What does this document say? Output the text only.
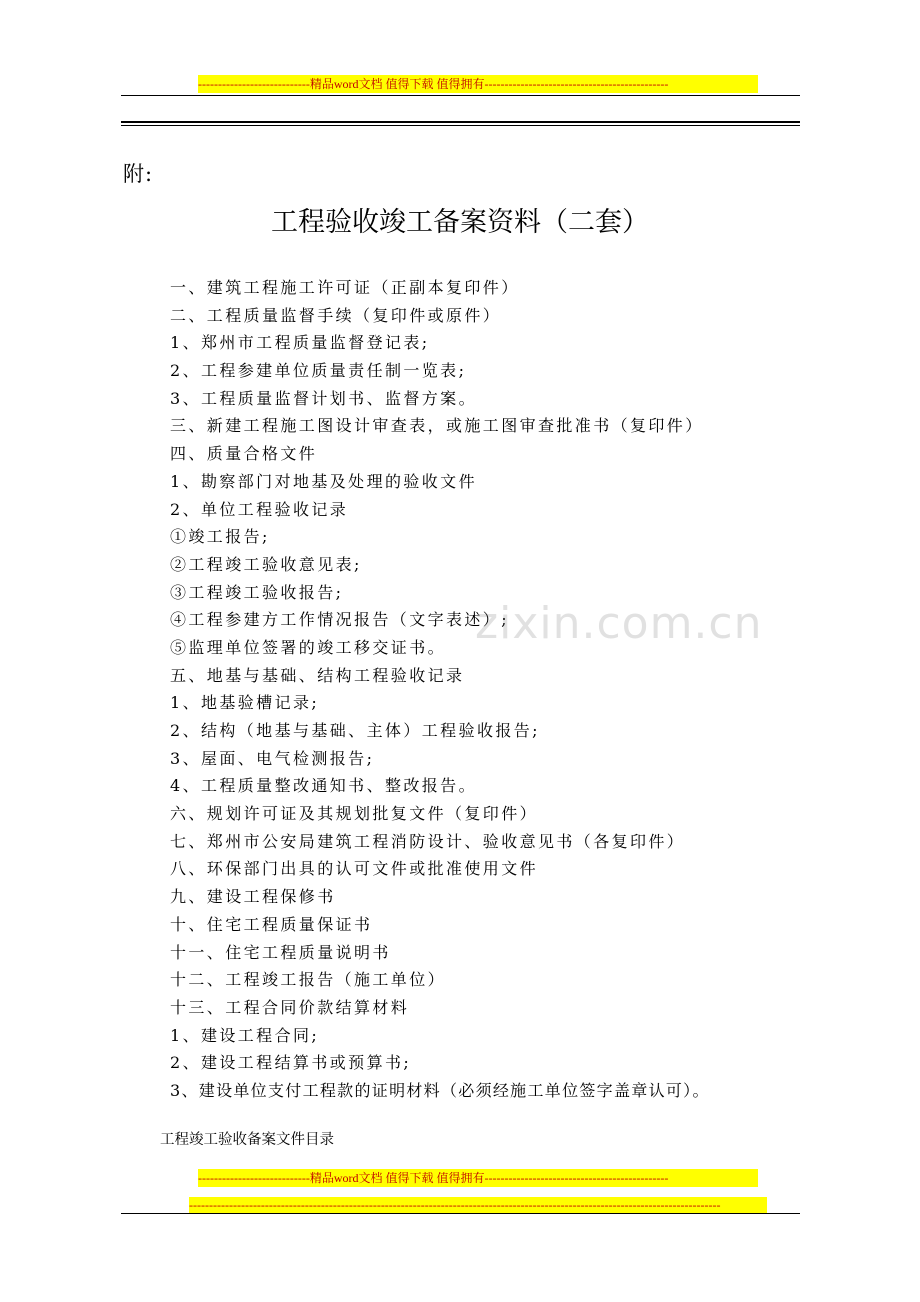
----------------------------精品word文档 值得下载 值得拥有----------------------------------------------
附:
工程验收竣工备案资料（二套）
一、建筑工程施工许可证（正副本复印件）
二、工程质量监督手续（复印件或原件）
1、郑州市工程质量监督登记表;
2、工程参建单位质量责任制一览表;
3、工程质量监督计划书、监督方案。
三、新建工程施工图设计审查表，或施工图审查批准书（复印件）
四、质量合格文件
1、勘察部门对地基及处理的验收文件
2、单位工程验收记录
①竣工报告;
②工程竣工验收意见表;
③工程竣工验收报告;
④工程参建方工作情况报告（文字表述）;
⑤监理单位签署的竣工移交证书。
五、地基与基础、结构工程验收记录
1、地基验槽记录;
2、结构（地基与基础、主体）工程验收报告;
3、屋面、电气检测报告;
4、工程质量整改通知书、整改报告。
六、规划许可证及其规划批复文件（复印件）
七、郑州市公安局建筑工程消防设计、验收意见书（各复印件）
八、环保部门出具的认可文件或批准使用文件
九、建设工程保修书
十、住宅工程质量保证书
十一、住宅工程质量说明书
十二、工程竣工报告（施工单位）
十三、工程合同价款结算材料
1、建设工程合同;
2、建设工程结算书或预算书;
3、建设单位支付工程款的证明材料（必须经施工单位签字盖章认可）。
zixin.com.cn
工程竣工验收备案文件目录
----------------------------精品word文档 值得下载 值得拥有----------------------------------------------
-------------------------------------------------------------------------------------------------------------------------------------
